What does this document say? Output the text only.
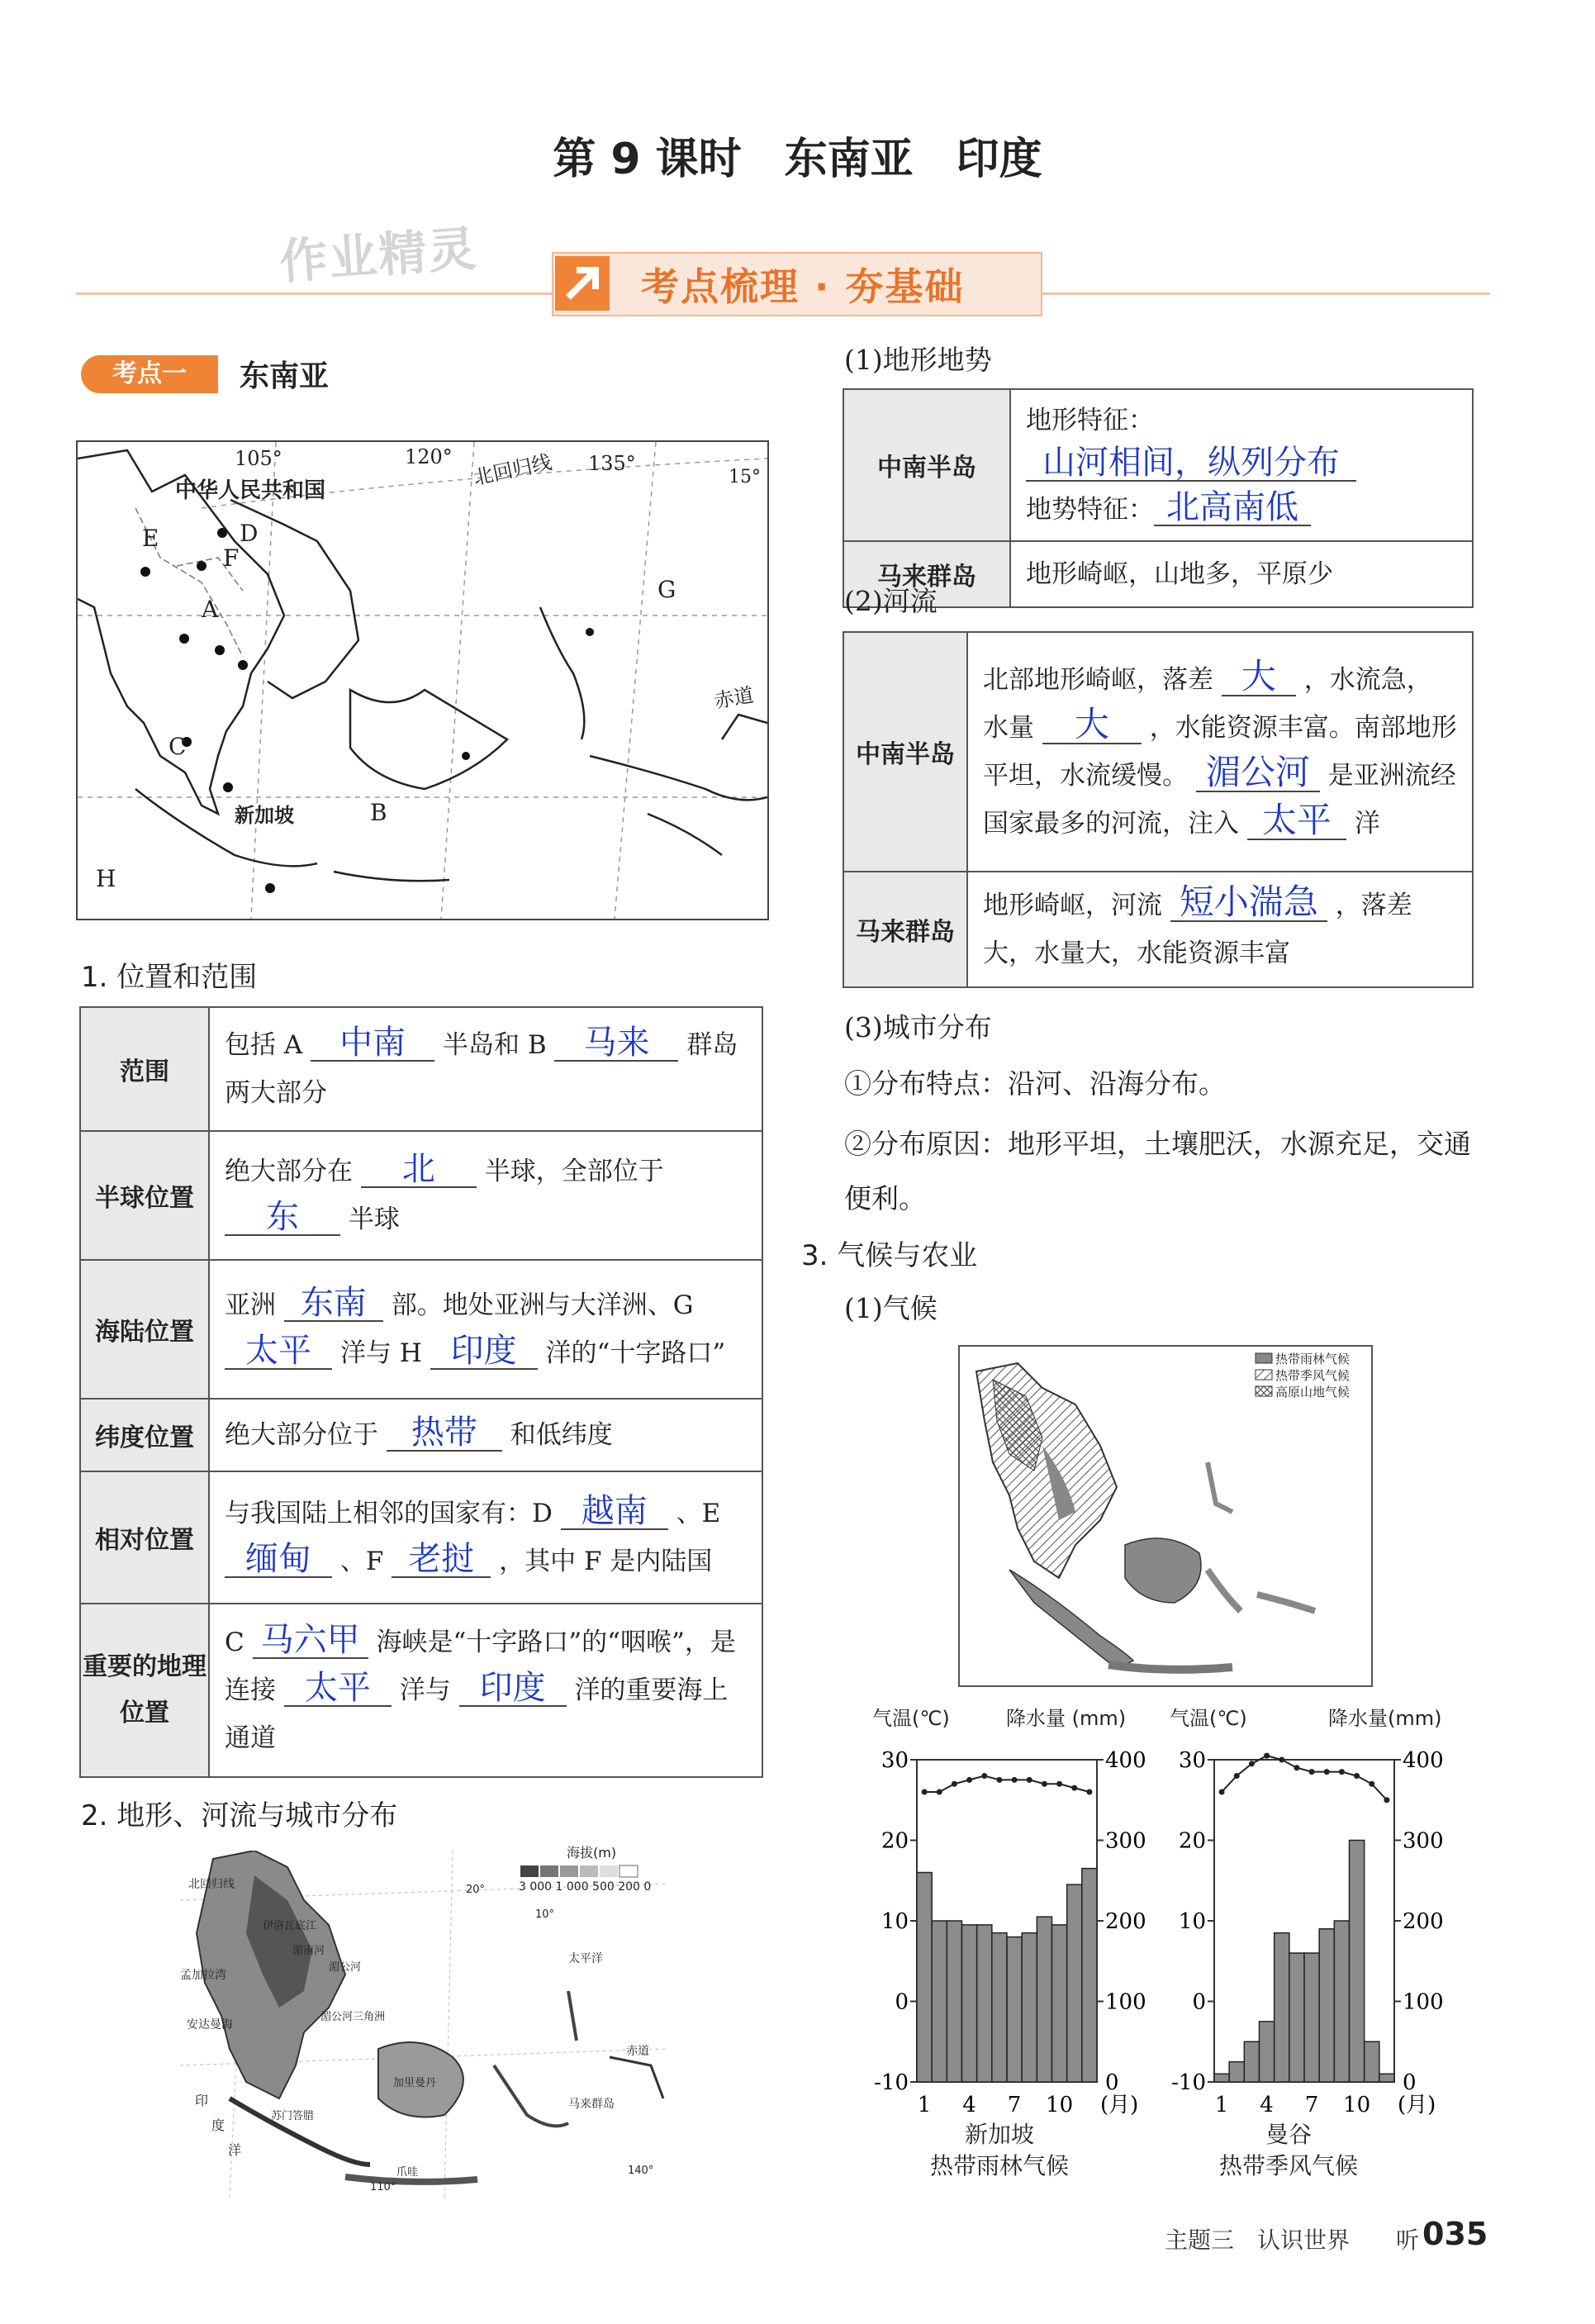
第 9 课时　东南亚　印度
作业精灵	考点梳理 · 夯基础
考点一	东南亚
105°	120° 北回归线 135°
15°
中华人民共和国
E	D
F
A
G
赤道
C
新加坡	B
H
1. 位置和范围
范围	包括 A 中南 半岛和 B 马来 群岛两大部分
半球位置	绝大部分在 北 半球，全部位于 东 半球
海陆位置	亚洲 东南 部。地处亚洲与大洋洲、G 太平 洋与 H 印度 洋的“十字路口”
纬度位置	绝大部分位于 热带 和低纬度
相对位置	与我国陆上相邻的国家有：D 越南 、E 缅甸 、F 老挝 ，其中 F 是内陆国
重要的地理位置	C 马六甲 海峡是“十字路口”的“咽喉”，是连接 太平 洋与 印度 洋的重要海上通道
2. 地形、河流与城市分布
海拔(m)
3 000 1 000 500 200 0
北回归线
孟加拉湾
安达曼海
印
度
洋
赤道
马来群岛
湄公河
伊洛瓦底江
湄南河
湄公河三角洲
太平洋
爪哇
苏门答腊
加里曼丹
110°
140°
20°
10°
(1)地形地势
中南半岛	地形特征：山河相间，纵列分布
地势特征： 北高南低

马来群岛	地形崎岖，山地多，平原少
(2)河流
中南半岛	北部地形崎岖，落差 大 ，水流急，水量 大 ，水能资源丰富。南部地形平坦，水流缓慢。 湄公河 是亚洲流经国家最多的河流，注入 太平 洋
马来群岛	地形崎岖，河流 短小湍急 ，落差大，水量大，水能资源丰富
(3)城市分布
①分布特点：沿河、沿海分布。
②分布原因：地形平坦，土壤肥沃，水源充足，交通便利。
3. 气候与农业
(1)气候
热带雨林气候
热带季风气候
高原山地气候
气温(℃)	降水量 (mm)
30
20
10
0
-10
400
300
200
100
0
1 4 7 10 (月)
新加坡
热带雨林气候
气温(℃)	降水量(mm)
30
20
10
0
-10
400
300
200
100
0
1 4 7 10 (月)
曼谷
热带季风气候
主题三　认识世界 听 035
